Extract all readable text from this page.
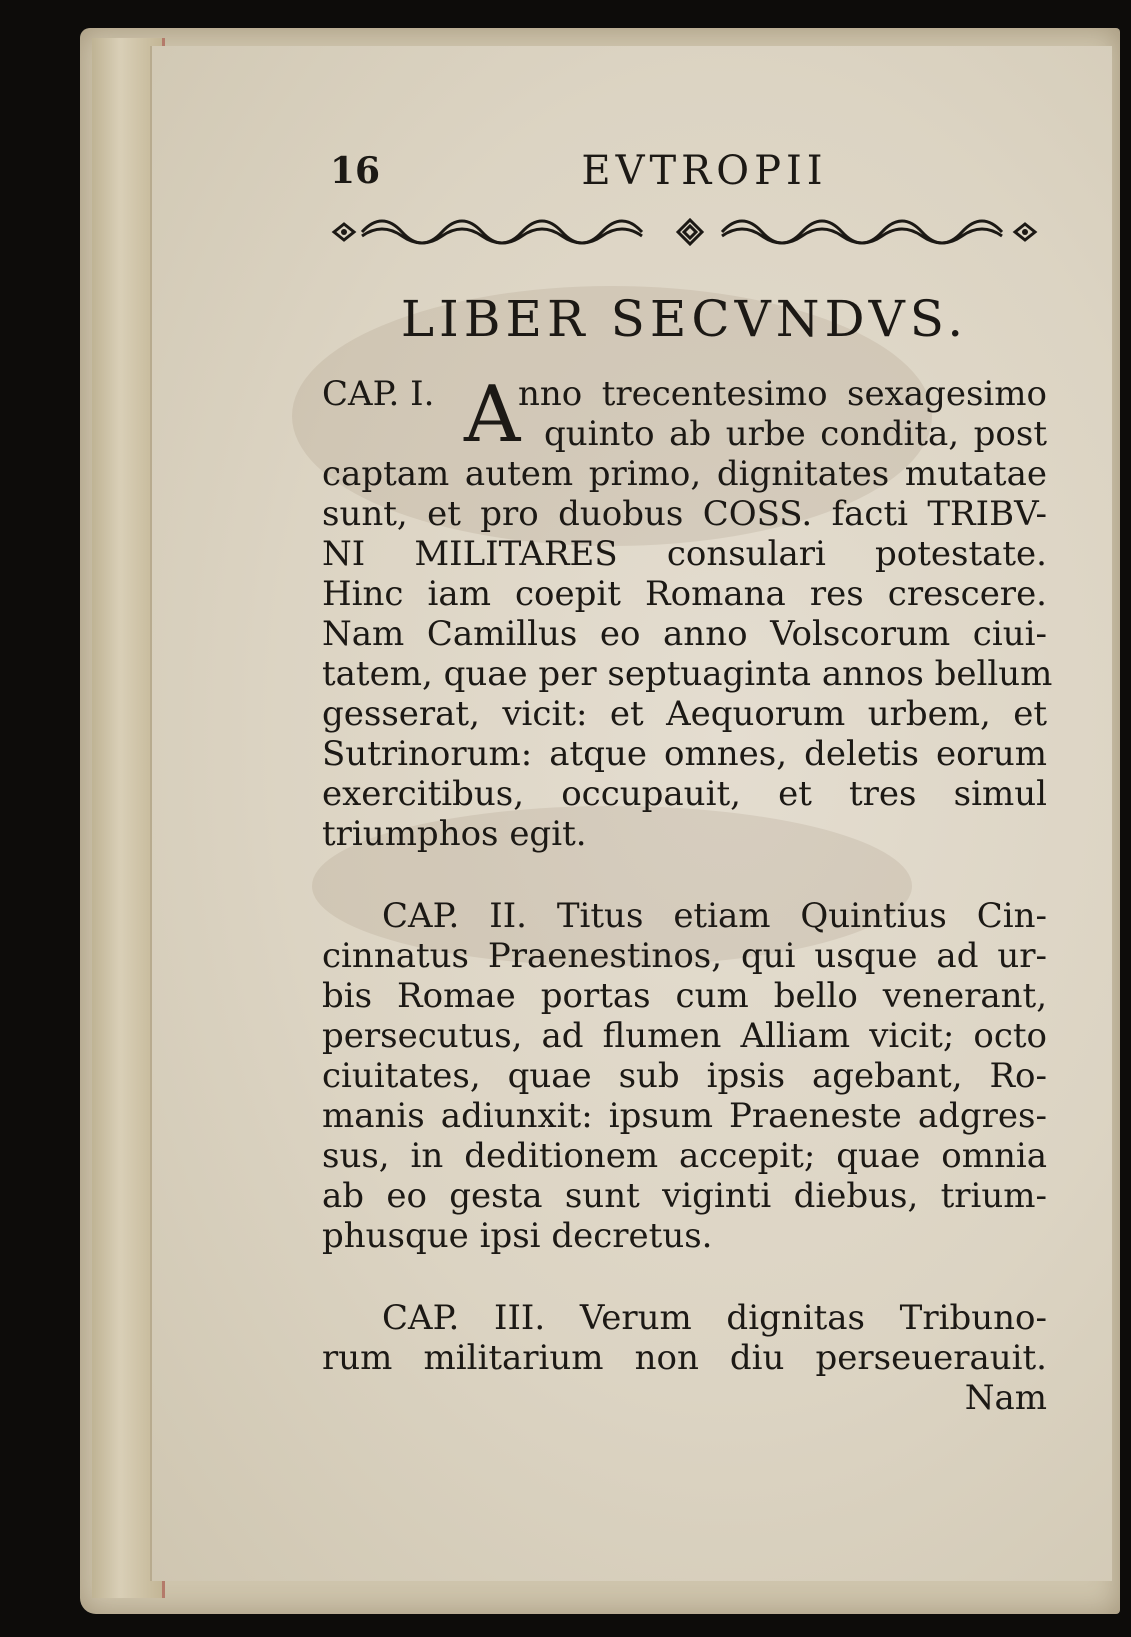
16	EVTROPII
LIBER SECVNDVS.
CAP. I. A
nno trecentesimo sexagesimo
quinto ab urbe condita, post
captam autem primo, dignitates mutatae
sunt, et pro duobus COSS. facti TRIBV-
NI MILITARES consulari potestate.
Hinc iam coepit Romana res crescere.
Nam Camillus eo anno Volscorum ciui-
tatem, quae per septuaginta annos bellum
gesserat, vicit: et Aequorum urbem, et
Sutrinorum: atque omnes, deletis eorum
exercitibus, occupauit, et tres simul
triumphos egit.
CAP. II. Titus etiam Quintius Cin-
cinnatus Praenestinos, qui usque ad ur-
bis Romae portas cum bello venerant,
persecutus, ad flumen Alliam vicit; octo
ciuitates, quae sub ipsis agebant, Ro-
manis adiunxit: ipsum Praeneste adgres-
sus, in deditionem accepit; quae omnia
ab eo gesta sunt viginti diebus, trium-
phusque ipsi decretus.
CAP. III. Verum dignitas Tribuno-
rum militarium non diu perseuerauit.
Nam
